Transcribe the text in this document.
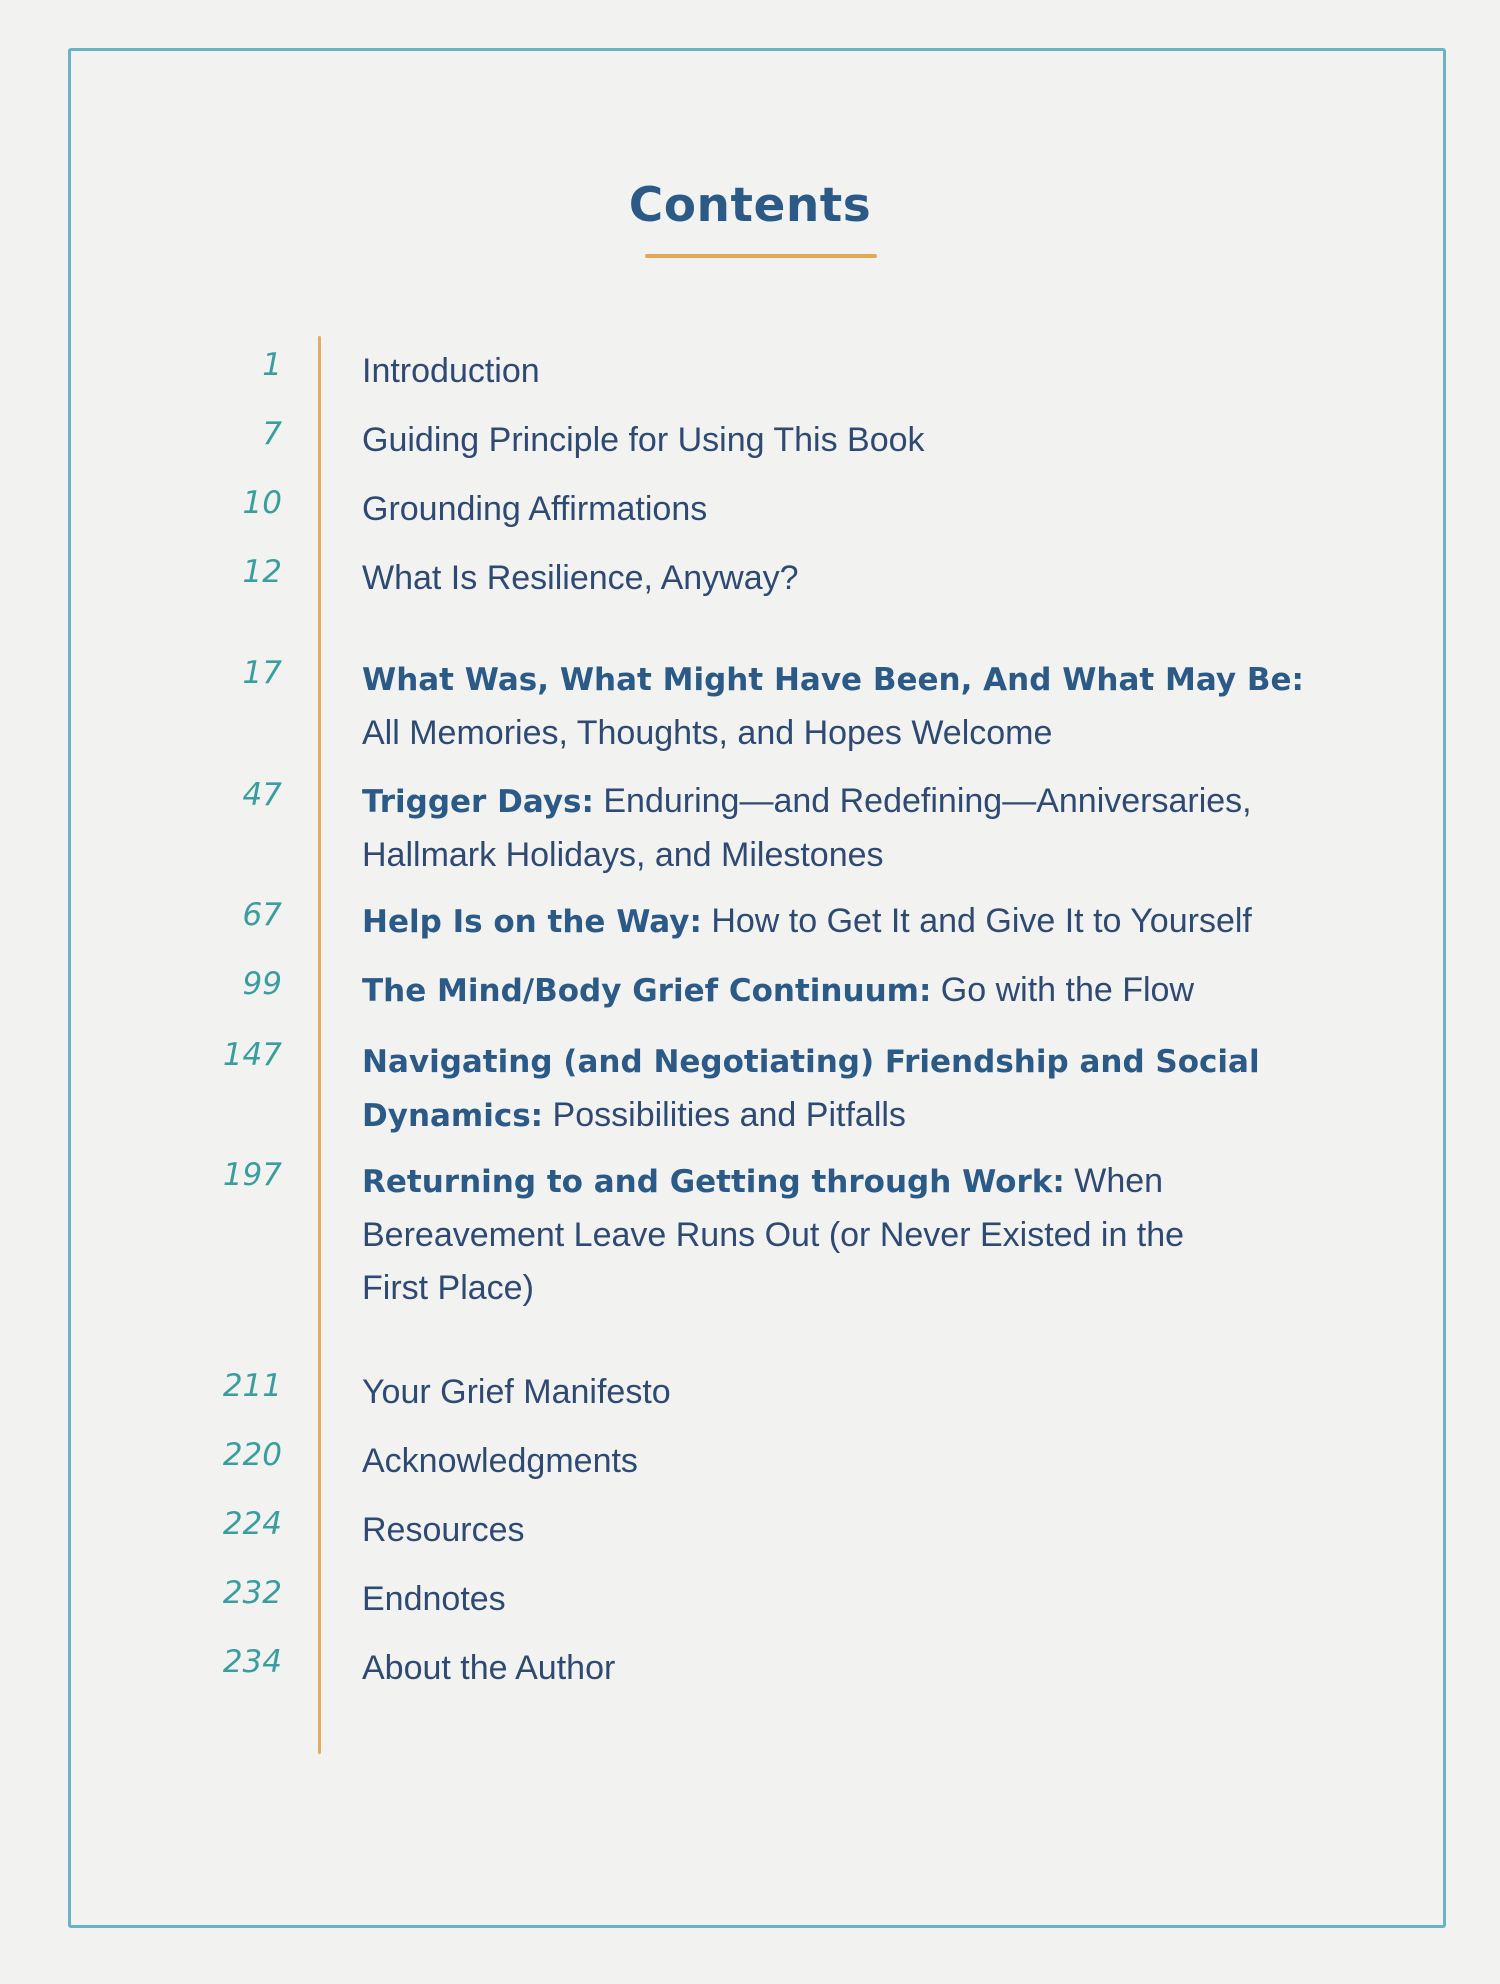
Contents
1 Introduction
7 Guiding Principle for Using This Book
10 Grounding Affirmations
12 What Is Resilience, Anyway?
17	What Was, What Might Have Been, And What May Be: All Memories, Thoughts, and Hopes Welcome
47	Trigger Days: Enduring—and Redefining—Anniversaries, Hallmark Holidays, and Milestones
67	Help Is on the Way: How to Get It and Give It to Yourself
99	The Mind/Body Grief Continuum: Go with the Flow
147	Navigating (and Negotiating) Friendship and Social Dynamics: Possibilities and Pitfalls
197	Returning to and Getting through Work: When Bereavement Leave Runs Out (or Never Existed in the First Place)
211 Your Grief Manifesto
220 Acknowledgments
224 Resources
232 Endnotes
234 About the Author
